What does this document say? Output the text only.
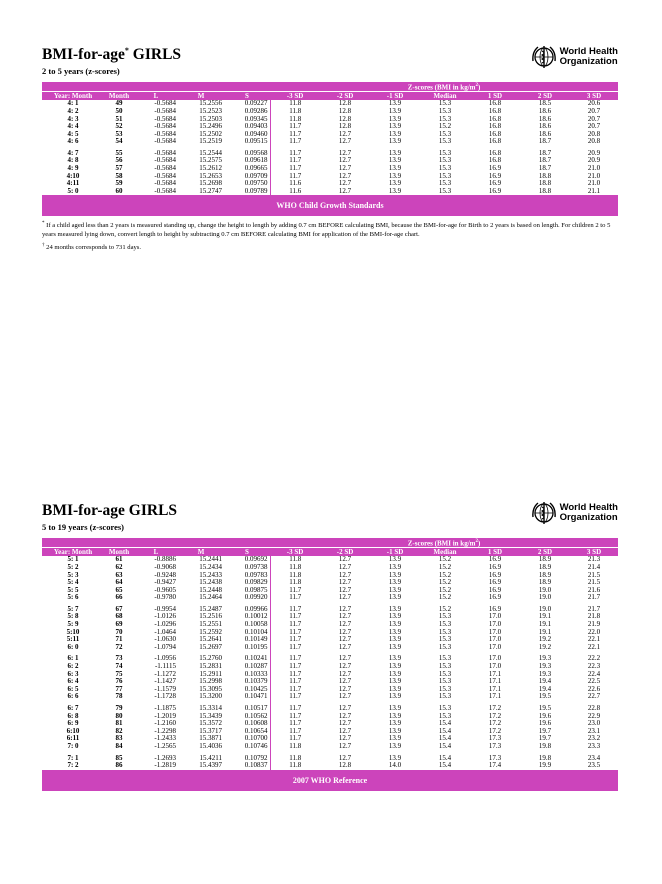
BMI-for-age* GIRLS
2 to 5 years (z-scores)
World Health
Organization
					Z-scores (BMI in $kg/m^2$)						
Year: Month	Month	L	M	S	-3 SD	-2 SD	-1 SD	Median	1 SD	2 SD	3 SD
4: 1	49	-0.5684	15.2556	0.09227	11.8	12.8	13.9	15.3	16.8	18.5	20.6
4: 2	50	-0.5684	15.2523	0.09286	11.8	12.8	13.9	15.3	16.8	18.6	20.7
4: 3	51	-0.5684	15.2503	0.09345	11.8	12.8	13.9	15.3	16.8	18.6	20.7
4: 4	52	-0.5684	15.2496	0.09403	11.7	12.8	13.9	15.2	16.8	18.6	20.7
4: 5	53	-0.5684	15.2502	0.09460	11.7	12.7	13.9	15.3	16.8	18.6	20.8
4: 6	54	-0.5684	15.2519	0.09515	11.7	12.7	13.9	15.3	16.8	18.7	20.8
4: 7	55	-0.5684	15.2544	0.09568	11.7	12.7	13.9	15.3	16.8	18.7	20.9
4: 8	56	-0.5684	15.2575	0.09618	11.7	12.7	13.9	15.3	16.8	18.7	20.9
4: 9	57	-0.5684	15.2612	0.09665	11.7	12.7	13.9	15.3	16.9	18.7	21.0
4:10	58	-0.5684	15.2653	0.09709	11.7	12.7	13.9	15.3	16.9	18.8	21.0
4:11	59	-0.5684	15.2698	0.09750	11.6	12.7	13.9	15.3	16.9	18.8	21.0
5: 0	60	-0.5684	15.2747	0.09789	11.6	12.7	13.9	15.3	16.9	18.8	21.1
WHO Child Growth Standards
* If a child aged less than 2 years is measured standing up, change the height to length by adding 0.7 cm BEFORE calculating BMI, because the BMI-for-age for Birth to 2 years is based on length. For children 2 to 5 years measured lying down, convert length to height by subtracting 0.7 cm BEFORE calculating BMI for application of the BMI-for-age chart.
† 24 months corresponds to 731 days.
BMI-for-age GIRLS
5 to 19 years (z-scores)
World Health
Organization
					Z-scores (BMI in $kg/m^2$)						
Year: Month	Month	L	M	S	-3 SD	-2 SD	-1 SD	Median	1 SD	2 SD	3 SD
5: 1	61	-0.8886	15.2441	0.09692	11.8	12.7	13.9	15.2	16.9	18.9	21.3
5: 2	62	-0.9068	15.2434	0.09738	11.8	12.7	13.9	15.2	16.9	18.9	21.4
5: 3	63	-0.9248	15.2433	0.09783	11.8	12.7	13.9	15.2	16.9	18.9	21.5
5: 4	64	-0.9427	15.2438	0.09829	11.8	12.7	13.9	15.2	16.9	18.9	21.5
5: 5	65	-0.9605	15.2448	0.09875	11.7	12.7	13.9	15.2	16.9	19.0	21.6
5: 6	66	-0.9780	15.2464	0.09920	11.7	12.7	13.9	15.2	16.9	19.0	21.7
5: 7	67	-0.9954	15.2487	0.09966	11.7	12.7	13.9	15.2	16.9	19.0	21.7
5: 8	68	-1.0126	15.2516	0.10012	11.7	12.7	13.9	15.3	17.0	19.1	21.8
5: 9	69	-1.0296	15.2551	0.10058	11.7	12.7	13.9	15.3	17.0	19.1	21.9
5:10	70	-1.0464	15.2592	0.10104	11.7	12.7	13.9	15.3	17.0	19.1	22.0
5:11	71	-1.0630	15.2641	0.10149	11.7	12.7	13.9	15.3	17.0	19.2	22.1
6: 0	72	-1.0794	15.2697	0.10195	11.7	12.7	13.9	15.3	17.0	19.2	22.1
6: 1	73	-1.0956	15.2760	0.10241	11.7	12.7	13.9	15.3	17.0	19.3	22.2
6: 2	74	-1.1115	15.2831	0.10287	11.7	12.7	13.9	15.3	17.0	19.3	22.3
6: 3	75	-1.1272	15.2911	0.10333	11.7	12.7	13.9	15.3	17.1	19.3	22.4
6: 4	76	-1.1427	15.2998	0.10379	11.7	12.7	13.9	15.3	17.1	19.4	22.5
6: 5	77	-1.1579	15.3095	0.10425	11.7	12.7	13.9	15.3	17.1	19.4	22.6
6: 6	78	-1.1728	15.3200	0.10471	11.7	12.7	13.9	15.3	17.1	19.5	22.7
6: 7	79	-1.1875	15.3314	0.10517	11.7	12.7	13.9	15.3	17.2	19.5	22.8
6: 8	80	-1.2019	15.3439	0.10562	11.7	12.7	13.9	15.3	17.2	19.6	22.9
6: 9	81	-1.2160	15.3572	0.10608	11.7	12.7	13.9	15.4	17.2	19.6	23.0
6:10	82	-1.2298	15.3717	0.10654	11.7	12.7	13.9	15.4	17.2	19.7	23.1
6:11	83	-1.2433	15.3871	0.10700	11.7	12.7	13.9	15.4	17.3	19.7	23.2
7: 0	84	-1.2565	15.4036	0.10746	11.8	12.7	13.9	15.4	17.3	19.8	23.3
7: 1	85	-1.2693	15.4211	0.10792	11.8	12.7	13.9	15.4	17.3	19.8	23.4
7: 2	86	-1.2819	15.4397	0.10837	11.8	12.8	14.0	15.4	17.4	19.9	23.5
2007 WHO Reference
